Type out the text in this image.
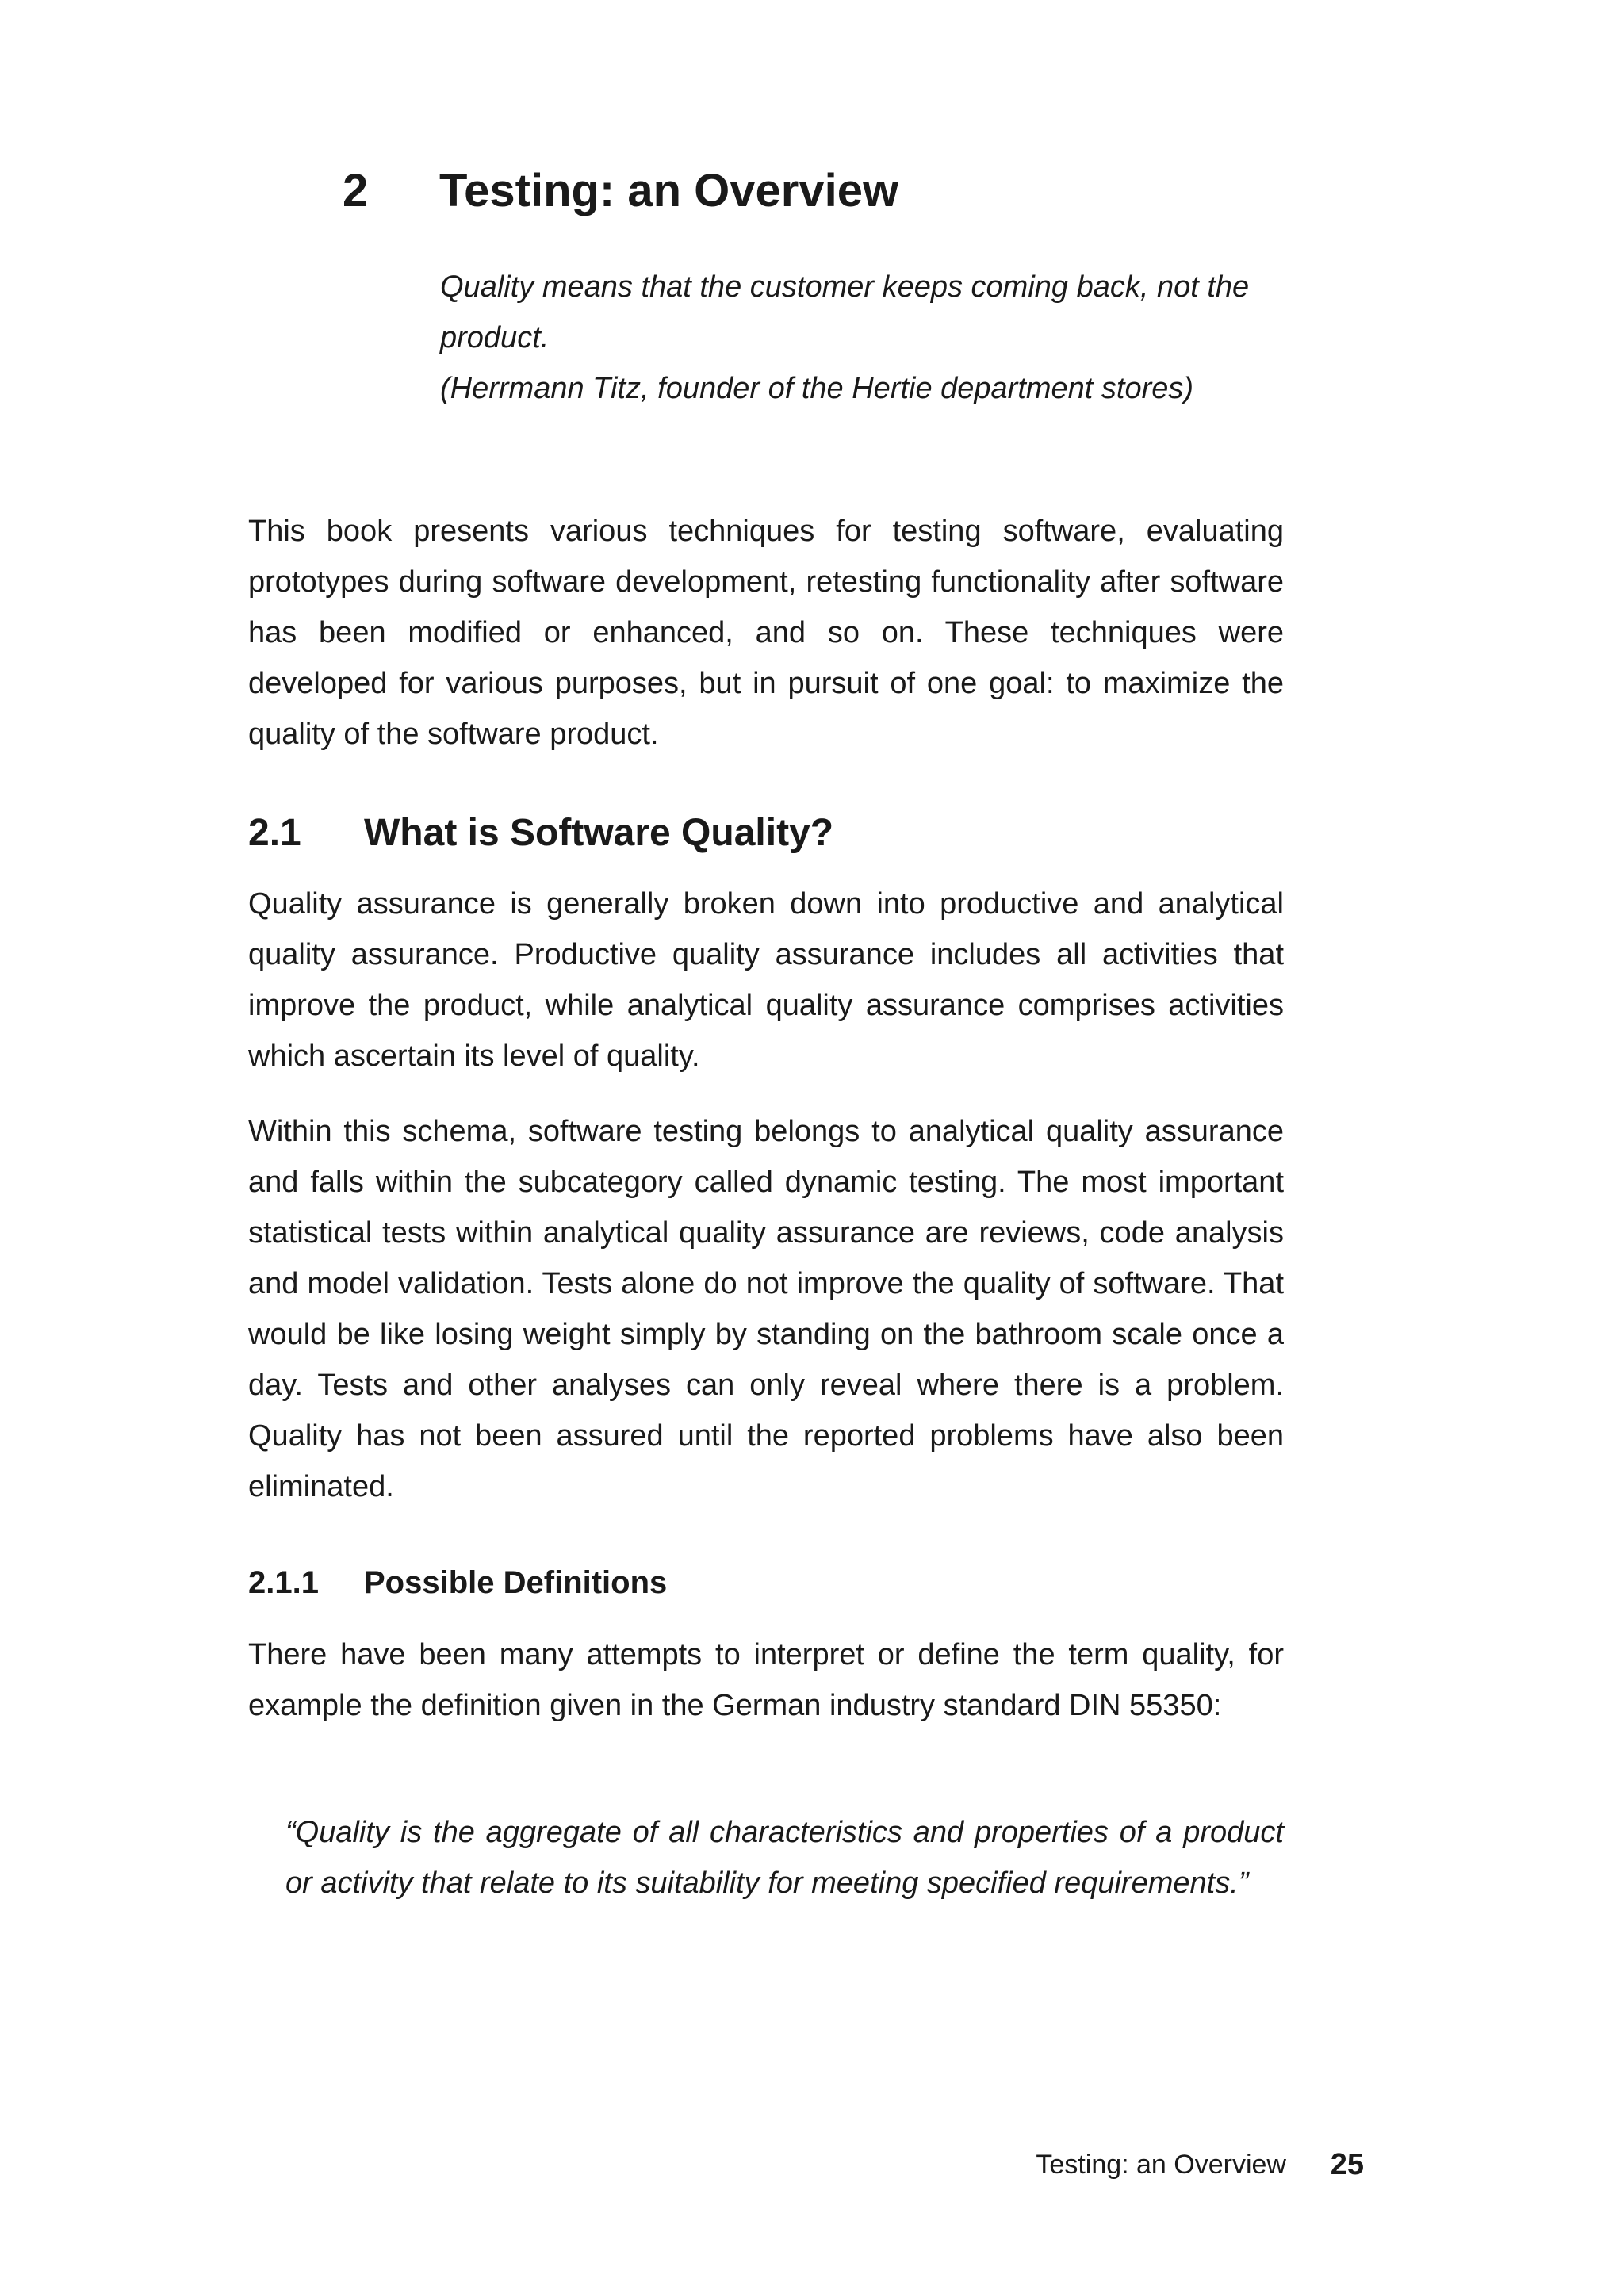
2 Testing: an Overview

Quality means that the customer keeps coming back, not the product.

(Herrmann Titz, founder of the Hertie department stores)

This book presents various techniques for testing software, evaluating prototypes during software development, retesting functionality after software has been modified or enhanced, and so on. These techniques were developed for various purposes, but in pursuit of one goal: to maximize the quality of the software product.

2.1 What is Software Quality?

Quality assurance is generally broken down into productive and analytical quality assurance. Productive quality assurance includes all activities that improve the product, while analytical quality assurance comprises activities which ascertain its level of quality.

Within this schema, software testing belongs to analytical quality assurance and falls within the subcategory called dynamic testing. The most important statistical tests within analytical quality assurance are reviews, code analysis and model validation. Tests alone do not improve the quality of software. That would be like losing weight simply by standing on the bathroom scale once a day. Tests and other analyses can only reveal where there is a problem. Quality has not been assured until the reported problems have also been eliminated.

2.1.1 Possible Definitions

There have been many attempts to interpret or define the term quality, for example the definition given in the German industry standard DIN 55350:

“Quality is the aggregate of all characteristics and properties of a product or activity that relate to its suitability for meeting specified requirements.”
Testing: an Overview 25
